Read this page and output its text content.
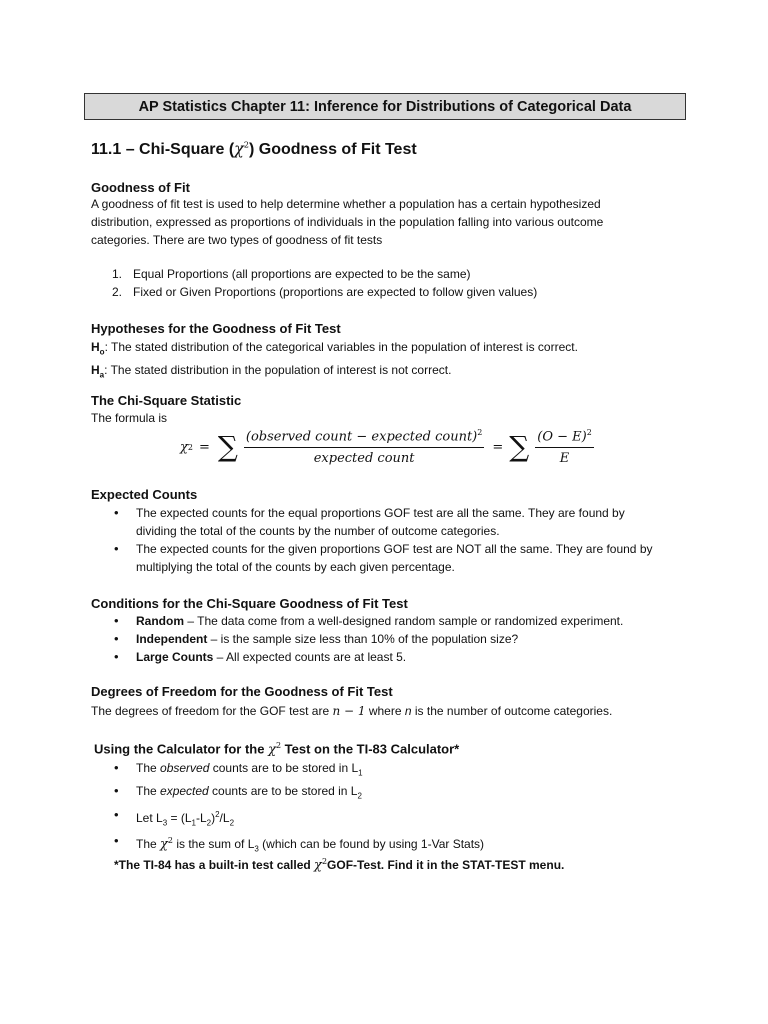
AP Statistics Chapter 11: Inference for Distributions of Categorical Data
11.1 – Chi-Square $(\chi^2)$ Goodness of Fit Test
Goodness of Fit
A goodness of fit test is used to help determine whether a population has a certain hypothesized
distribution, expressed as proportions of individuals in the population falling into various outcome
categories. There are two types of goodness of fit tests
1. Equal Proportions (all proportions are expected to be the same)
2. Fixed or Given Proportions (proportions are expected to follow given values)
Hypotheses for the Goodness of Fit Test
$H_o$: The stated distribution of the categorical variables in the population of interest is correct.
$H_a$: The stated distribution in the population of interest is not correct.
The Chi-Square Statistic
The formula is
χ 2 = ∑ $\frac{(observed count - expected count)^2}{\text{expected count}}$ = ∑ $\frac{(O - E)^2}{E}$
Expected Counts
• The expected counts for the equal proportions GOF test are all the same. They are found by
dividing the total of the counts by the number of outcome categories.
• The expected counts for the given proportions GOF test are NOT all the same. They are found by
multiplying the total of the counts by each given percentage.
Conditions for the Chi-Square Goodness of Fit Test
• Random – The data come from a well-designed random sample or randomized experiment.
• Independent – is the sample size less than 10% of the population size?
• Large Counts – All expected counts are at least 5.
Degrees of Freedom for the Goodness of Fit Test
The degrees of freedom for the GOF test are n − 1 where n is the number of outcome categories.
Using the Calculator for the $\chi^2$ Test on the TI-83 Calculator*
• The observed counts are to be stored in $L_1$
• The expected counts are to be stored in $L_2$
• Let $L_3 = (L_1-L_2)^2/L_2$
• The $\chi^2$ is the sum of $L_3$ (which can be found by using 1-Var Stats)
*The TI-84 has a built-in test called $\chi^2GOF$-Test. Find it in the STAT-TEST menu.
